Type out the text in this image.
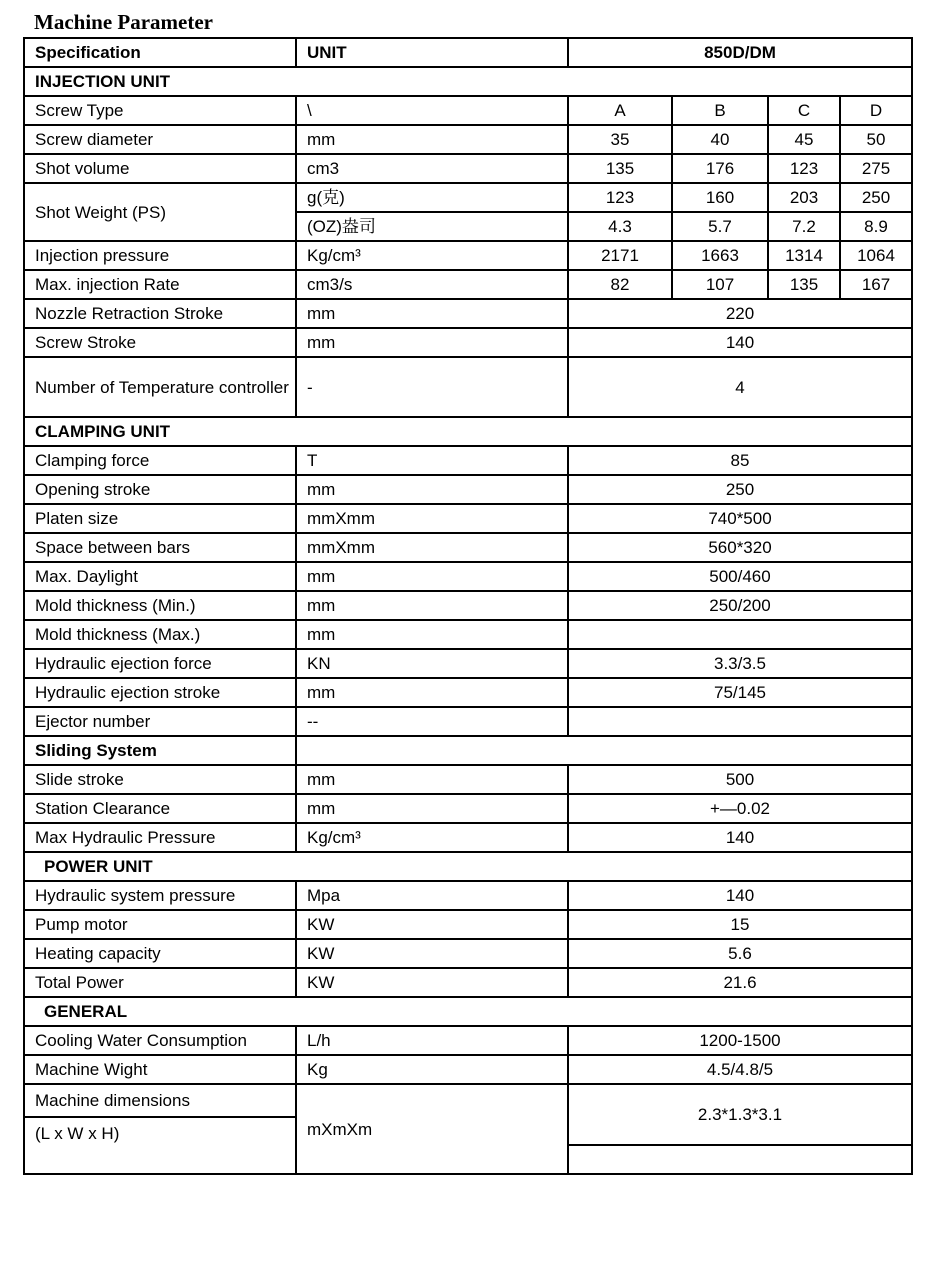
Machine Parameter
Specification	UNIT	850D/DM			
INJECTION UNIT					
Screw Type	\	A	B	C	D
Screw diameter	mm	35	40	45	50
Shot volume	cm3	135	176	123	275
Shot Weight (PS)	g(克)	123	160	203	250
	(OZ)盎司	4.3	5.7	7.2	8.9
Injection pressure	Kg/cm³	2171	1663	1314	1064
Max. injection Rate	cm3/s	82	107	135	167
Nozzle Retraction Stroke	mm	220			
Screw Stroke	mm	140			
Number of Temperature controller	-	4			
CLAMPING UNIT					
Clamping force	T	85			
Opening stroke	mm	250			
Platen size	mmXmm	740*500			
Space between bars	mmXmm	560*320			
Max. Daylight	mm	500/460			
Mold thickness (Min.)	mm	250/200			
Mold thickness (Max.)	mm				
Hydraulic ejection force	KN	3.3/3.5			
Hydraulic ejection stroke	mm	75/145			
Ejector number	--				
Sliding System					
Slide stroke	mm	500			
Station Clearance	mm	+—0.02			
Max Hydraulic Pressure	Kg/cm³	140			
POWER UNIT					
Hydraulic system pressure	Mpa	140			
Pump motor	KW	15			
Heating capacity	KW	5.6			
Total Power	KW	21.6			
GENERAL					
Cooling Water Consumption	L/h	1200-1500			
Machine Wight	Kg	4.5/4.8/5			

Machine dimensions
(L x W x H)	mXmXm	2.3*1.3*3.1			
